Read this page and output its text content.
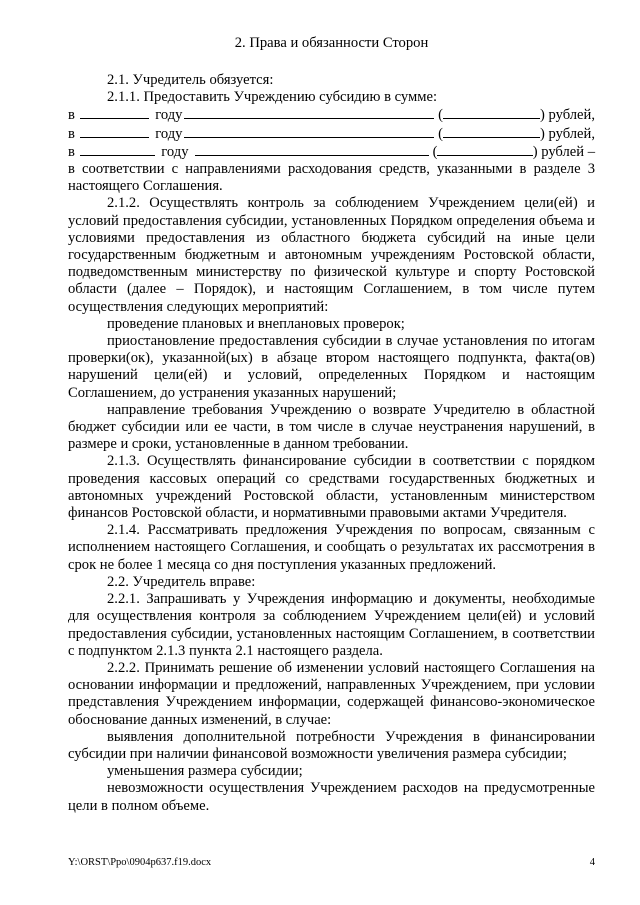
2. Права и обязанности Сторон

2.1. Учредитель обязуется:

2.1.1. Предоставить Учреждению субсидию в сумме:

в	году	(	) рублей,
в	году	(	) рублей,
в	году	(	) рублей –

в соответствии с направлениями расходования средств, указанными в разделе 3 настоящего Соглашения.

2.1.2. Осуществлять контроль за соблюдением Учреждением цели(ей) и условий предоставления субсидии, установленных Порядком определения объема и условиями предоставления из областного бюджета субсидий на иные цели государственным бюджетным и автономным учреждениям Ростовской области, подведомственным министерству по физической культуре и спорту Ростовской области (далее – Порядок), и настоящим Соглашением, в том числе путем осуществления следующих мероприятий:

проведение плановых и внеплановых проверок;

приостановление предоставления субсидии в случае установления по итогам проверки(ок), указанной(ых) в абзаце втором настоящего подпункта, факта(ов) нарушений цели(ей) и условий, определенных Порядком и настоящим Соглашением, до устранения указанных нарушений;

направление требования Учреждению о возврате Учредителю в областной бюджет субсидии или ее части, в том числе в случае неустранения нарушений, в размере и сроки, установленные в данном требовании.

2.1.3. Осуществлять финансирование субсидии в соответствии с порядком проведения кассовых операций со средствами государственных бюджетных и автономных учреждений Ростовской области, установленным министерством финансов Ростовской области, и нормативными правовыми актами Учредителя.

2.1.4. Рассматривать предложения Учреждения по вопросам, связанным с исполнением настоящего Соглашения, и сообщать о результатах их рассмотрения в срок не более 1 месяца со дня поступления указанных предложений.

2.2. Учредитель вправе:

2.2.1. Запрашивать у Учреждения информацию и документы, необходимые для осуществления контроля за соблюдением Учреждением цели(ей) и условий предоставления субсидии, установленных настоящим Соглашением, в соответствии с подпунктом 2.1.3 пункта 2.1 настоящего раздела.

2.2.2. Принимать решение об изменении условий настоящего Соглашения на основании информации и предложений, направленных Учреждением, при условии представления Учреждением информации, содержащей финансово-экономическое обоснование данных изменений, в случае:

выявления дополнительной потребности Учреждения в финансировании субсидии при наличии финансовой возможности увеличения размера субсидии;

уменьшения размера субсидии;

невозможности осуществления Учреждением расходов на предусмотренные цели в полном объеме.

Y:\ORST\Ppo\0904p637.f19.docx	4
